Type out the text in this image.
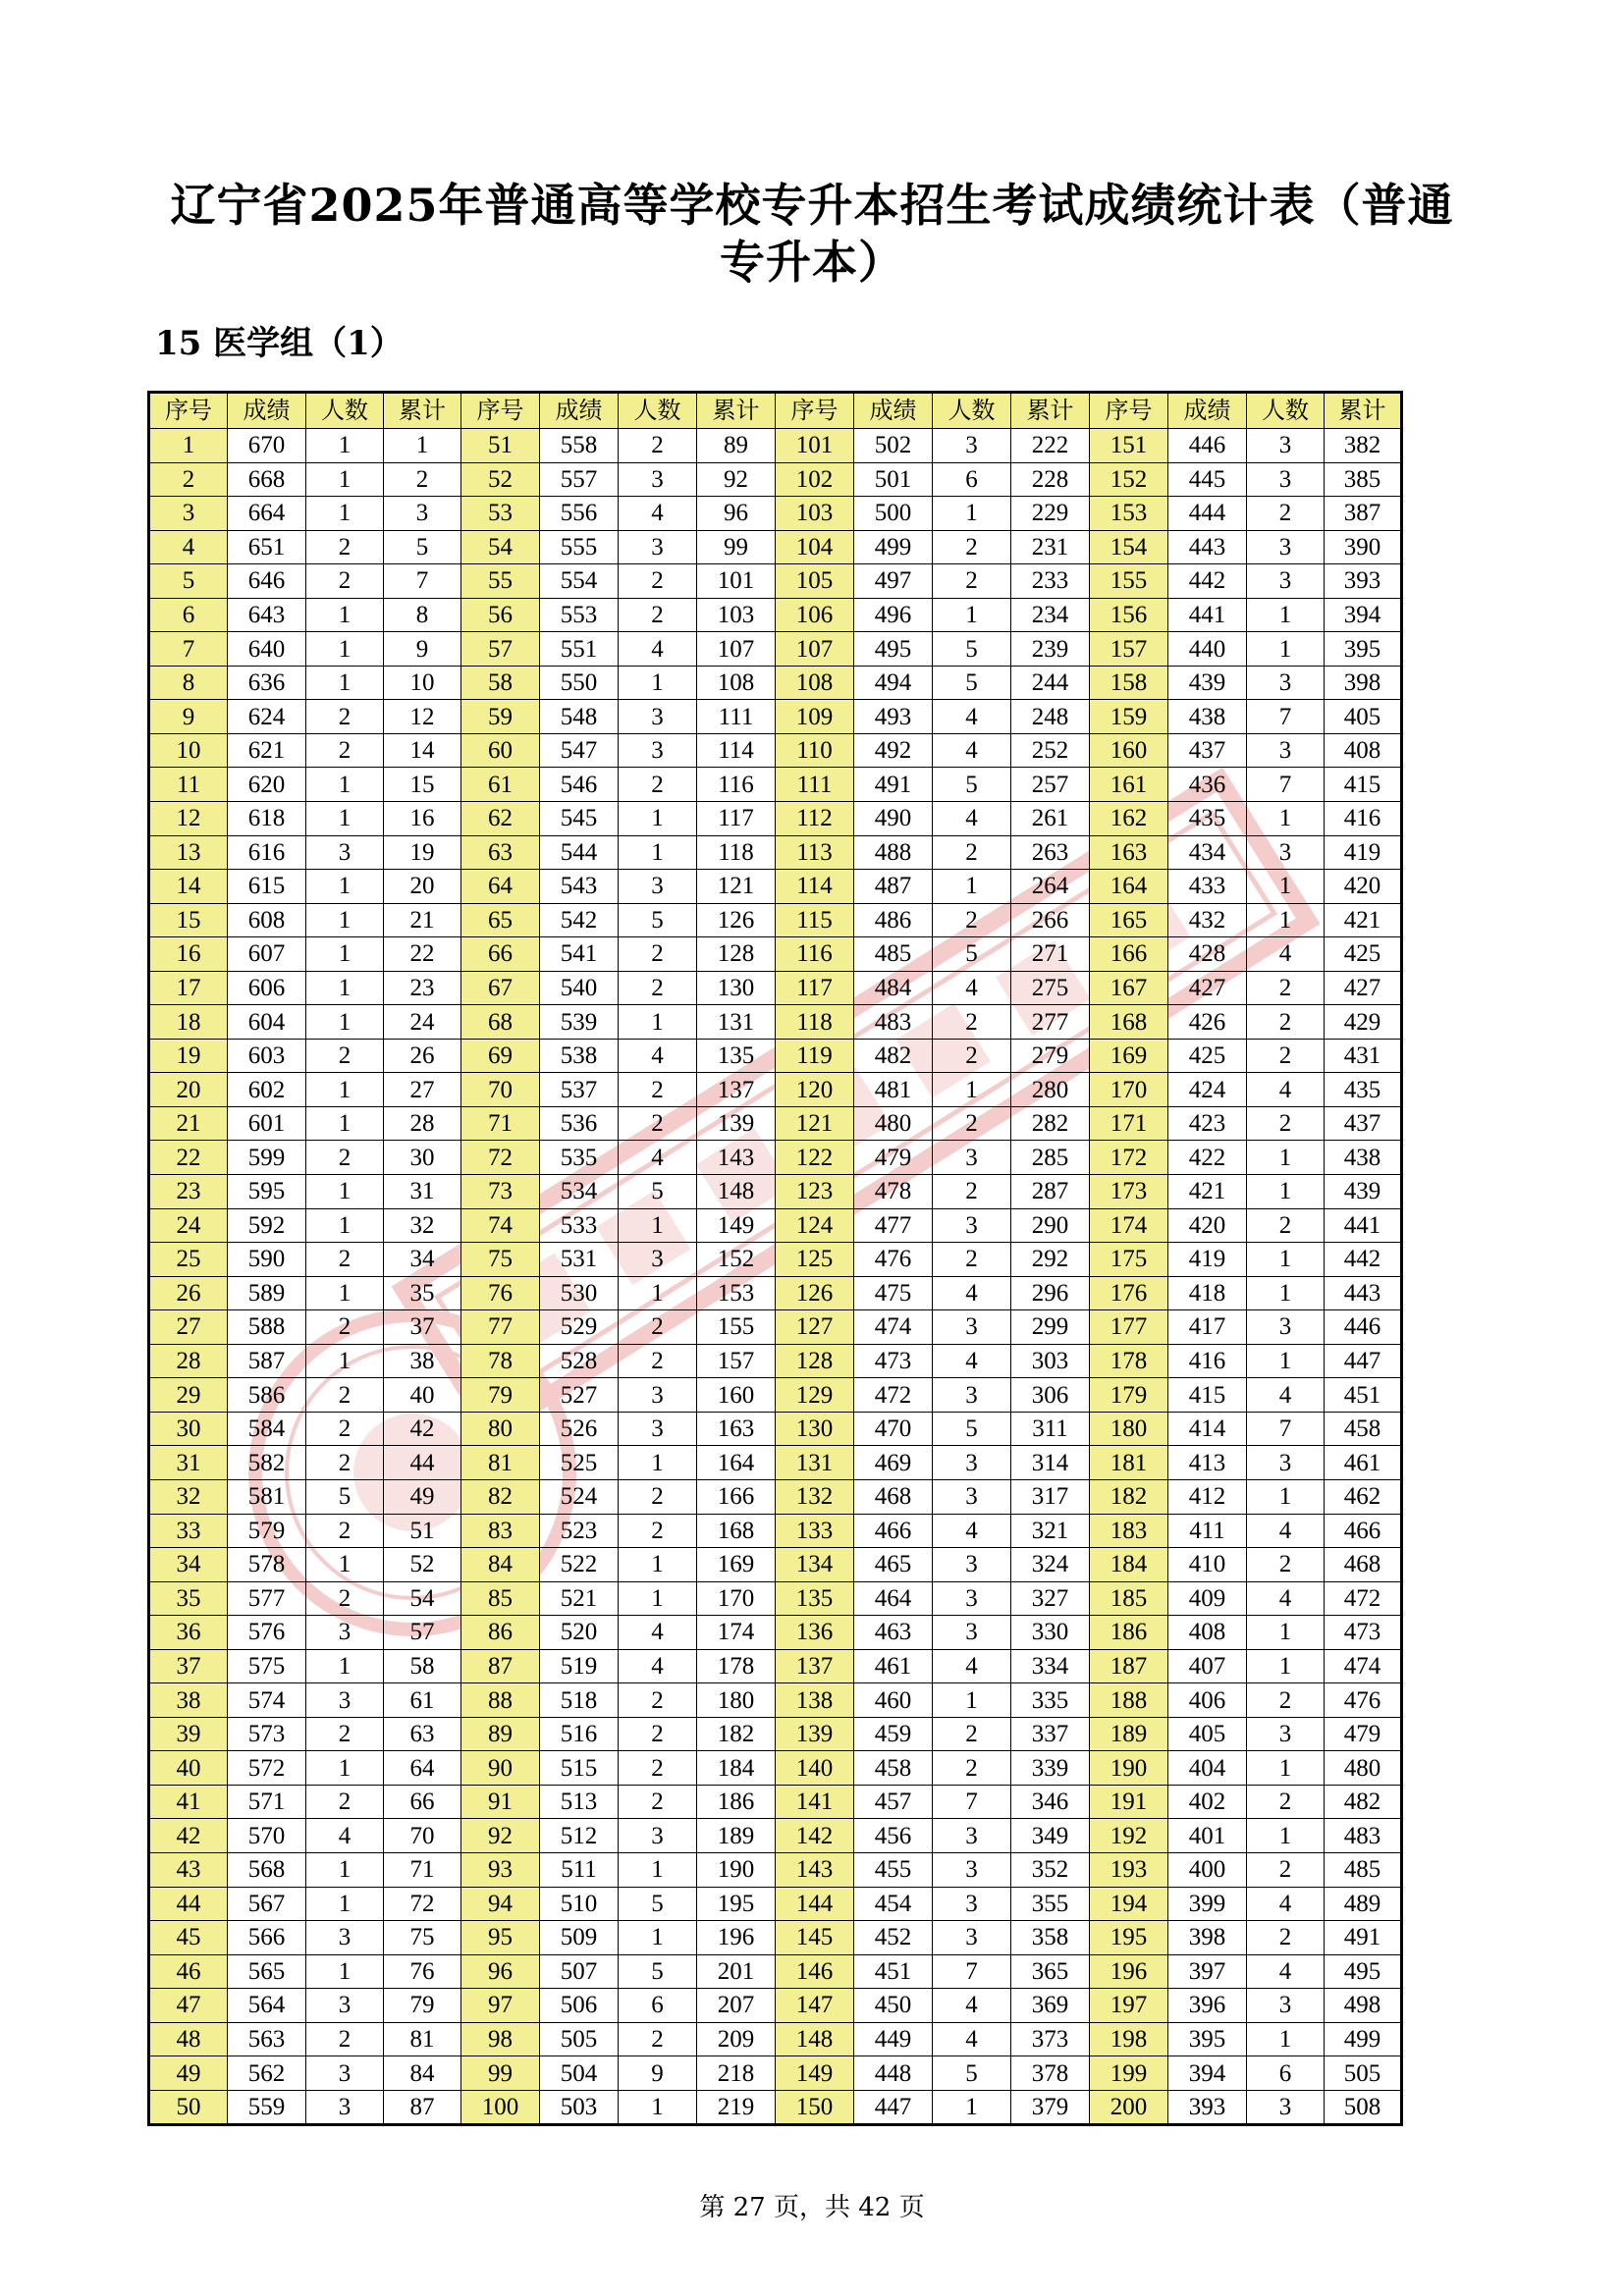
辽宁省2025年普通高等学校专升本招生考试成绩统计表（普通
专升本）
15 医学组（1）
序号	成绩	人数	累计	序号	成绩	人数	累计	序号	成绩	人数	累计	序号	成绩	人数	累计
1	670	1	1	51	558	2	89	101	502	3	222	151	446	3	382
2	668	1	2	52	557	3	92	102	501	6	228	152	445	3	385
3	664	1	3	53	556	4	96	103	500	1	229	153	444	2	387
4	651	2	5	54	555	3	99	104	499	2	231	154	443	3	390
5	646	2	7	55	554	2	101	105	497	2	233	155	442	3	393
6	643	1	8	56	553	2	103	106	496	1	234	156	441	1	394
7	640	1	9	57	551	4	107	107	495	5	239	157	440	1	395
8	636	1	10	58	550	1	108	108	494	5	244	158	439	3	398
9	624	2	12	59	548	3	111	109	493	4	248	159	438	7	405
10	621	2	14	60	547	3	114	110	492	4	252	160	437	3	408
11	620	1	15	61	546	2	116	111	491	5	257	161	436	7	415
12	618	1	16	62	545	1	117	112	490	4	261	162	435	1	416
13	616	3	19	63	544	1	118	113	488	2	263	163	434	3	419
14	615	1	20	64	543	3	121	114	487	1	264	164	433	1	420
15	608	1	21	65	542	5	126	115	486	2	266	165	432	1	421
16	607	1	22	66	541	2	128	116	485	5	271	166	428	4	425
17	606	1	23	67	540	2	130	117	484	4	275	167	427	2	427
18	604	1	24	68	539	1	131	118	483	2	277	168	426	2	429
19	603	2	26	69	538	4	135	119	482	2	279	169	425	2	431
20	602	1	27	70	537	2	137	120	481	1	280	170	424	4	435
21	601	1	28	71	536	2	139	121	480	2	282	171	423	2	437
22	599	2	30	72	535	4	143	122	479	3	285	172	422	1	438
23	595	1	31	73	534	5	148	123	478	2	287	173	421	1	439
24	592	1	32	74	533	1	149	124	477	3	290	174	420	2	441
25	590	2	34	75	531	3	152	125	476	2	292	175	419	1	442
26	589	1	35	76	530	1	153	126	475	4	296	176	418	1	443
27	588	2	37	77	529	2	155	127	474	3	299	177	417	3	446
28	587	1	38	78	528	2	157	128	473	4	303	178	416	1	447
29	586	2	40	79	527	3	160	129	472	3	306	179	415	4	451
30	584	2	42	80	526	3	163	130	470	5	311	180	414	7	458
31	582	2	44	81	525	1	164	131	469	3	314	181	413	3	461
32	581	5	49	82	524	2	166	132	468	3	317	182	412	1	462
33	579	2	51	83	523	2	168	133	466	4	321	183	411	4	466
34	578	1	52	84	522	1	169	134	465	3	324	184	410	2	468
35	577	2	54	85	521	1	170	135	464	3	327	185	409	4	472
36	576	3	57	86	520	4	174	136	463	3	330	186	408	1	473
37	575	1	58	87	519	4	178	137	461	4	334	187	407	1	474
38	574	3	61	88	518	2	180	138	460	1	335	188	406	2	476
39	573	2	63	89	516	2	182	139	459	2	337	189	405	3	479
40	572	1	64	90	515	2	184	140	458	2	339	190	404	1	480
41	571	2	66	91	513	2	186	141	457	7	346	191	402	2	482
42	570	4	70	92	512	3	189	142	456	3	349	192	401	1	483
43	568	1	71	93	511	1	190	143	455	3	352	193	400	2	485
44	567	1	72	94	510	5	195	144	454	3	355	194	399	4	489
45	566	3	75	95	509	1	196	145	452	3	358	195	398	2	491
46	565	1	76	96	507	5	201	146	451	7	365	196	397	4	495
47	564	3	79	97	506	6	207	147	450	4	369	197	396	3	498
48	563	2	81	98	505	2	209	148	449	4	373	198	395	1	499
49	562	3	84	99	504	9	218	149	448	5	378	199	394	6	505
50	559	3	87	100	503	1	219	150	447	1	379	200	393	3	508
第 27 页，共 42 页
